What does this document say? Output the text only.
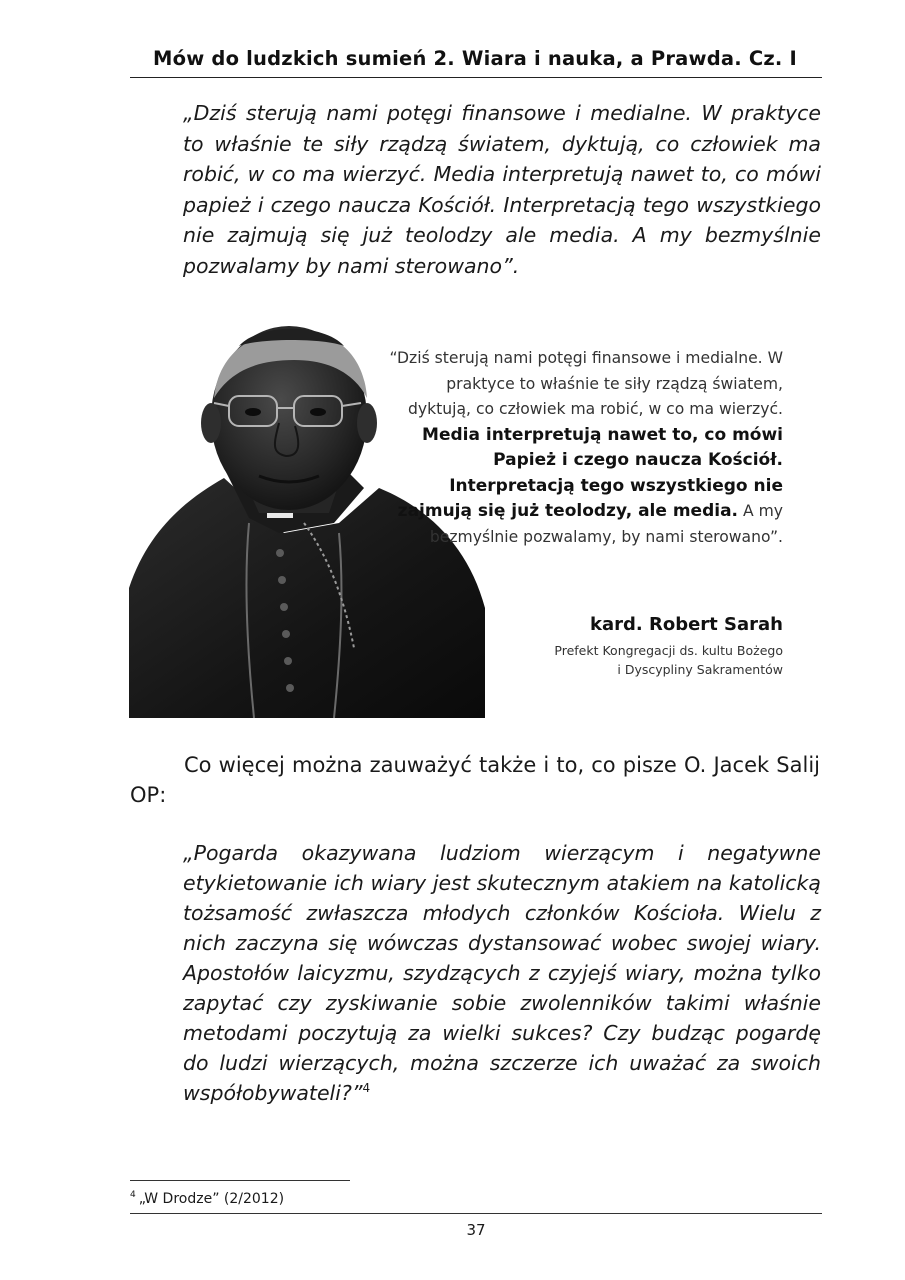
Mów do ludzkich sumień 2. Wiara i nauka, a Prawda. Cz. I

„Dziś sterują nami potęgi finansowe i medialne. W praktyce to właśnie te siły rządzą światem, dyktują, co człowiek ma robić, w co ma wierzyć. Media interpretują nawet to, co mówi papież i czego naucza Kościół. Interpretacją tego wszystkiego nie zajmują się już teolodzy ale media. A my bezmyślnie pozwalamy by nami sterowano”.

“Dziś sterują nami potęgi finansowe i medialne. W praktyce to właśnie te siły rządzą światem, dyktują, co człowiek ma robić, w co ma wierzyć. Media interpretują nawet to, co mówi Papież i czego naucza Kościół. Interpretacją tego wszystkiego nie zajmują się już teolodzy, ale media. A my bezmyślnie pozwalamy, by nami sterowano”.

kard. Robert Sarah
Prefekt Kongregacji ds. kultu Bożego
i Dyscypliny Sakramentów

Co więcej można zauważyć także i to, co pisze O. Jacek Salij OP:

„Pogarda okazywana ludziom wierzącym i negatywne etykietowanie ich wiary jest skutecznym atakiem na katolicką tożsamość zwłaszcza młodych członków Kościoła. Wielu z nich zaczyna się wówczas dystansować wobec swojej wiary. Apostołów laicyzmu, szydzących z czyjejś wiary, można tylko zapytać czy zyskiwanie sobie zwolenników takimi właśnie metodami poczytują za wielki sukces? Czy budząc pogardę do ludzi wierzących, można szczerze ich uważać za swoich współobywateli?”$^4$

$^4$ „W Drodze” (2/2012)
37
